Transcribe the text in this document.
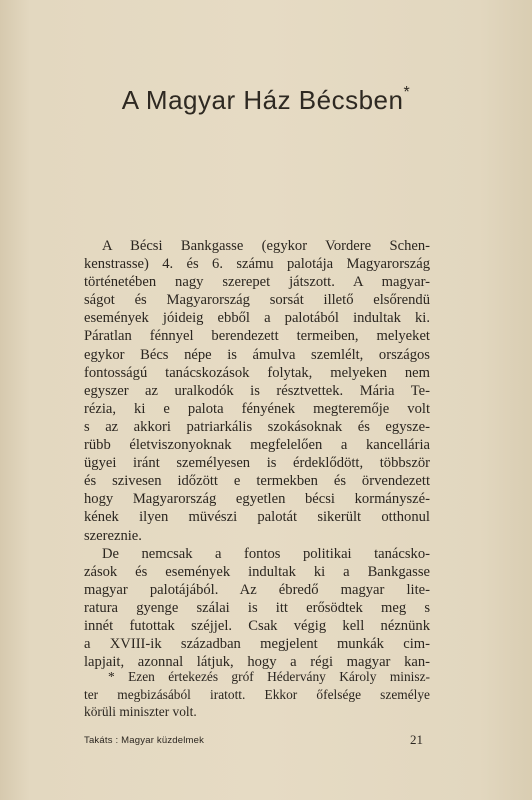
A Magyar Ház Bécsben*
A Bécsi Bankgasse (egykor Vordere Schen-
kenstrasse) 4. és 6. számu palotája Magyarország
történetében nagy szerepet játszott. A magyar-
ságot és Magyarország sorsát illető elsőrendü
események jóideig ebből a palotából indultak ki.
Páratlan fénnyel berendezett termeiben, melyeket
egykor Bécs népe is ámulva szemlélt, országos
fontosságú tanácskozások folytak, melyeken nem
egyszer az uralkodók is résztvettek. Mária Te-
rézia, ki e palota fényének megteremője volt
s az akkori patriarkális szokásoknak és egysze-
rübb életviszonyoknak megfelelően a kancellária
ügyei iránt személyesen is érdeklődött, többször
és szivesen időzött e termekben és örvendezett
hogy Magyarország egyetlen bécsi kormányszé-
kének ilyen müvészi palotát sikerült otthonul
szereznie.
De nemcsak a fontos politikai tanácsko-
zások és események indultak ki a Bankgasse
magyar palotájából. Az ébredő magyar lite-
ratura gyenge szálai is itt erősödtek meg s
innét futottak széjjel. Csak végig kell néznünk
a XVIII-ik században megjelent munkák cim-
lapjait, azonnal látjuk, hogy a régi magyar kan-
* Ezen értekezés gróf Hédervány Károly minisz-
ter megbizásából iratott. Ekkor őfelsége személye
körüli miniszter volt.
Takáts : Magyar küzdelmek	21
